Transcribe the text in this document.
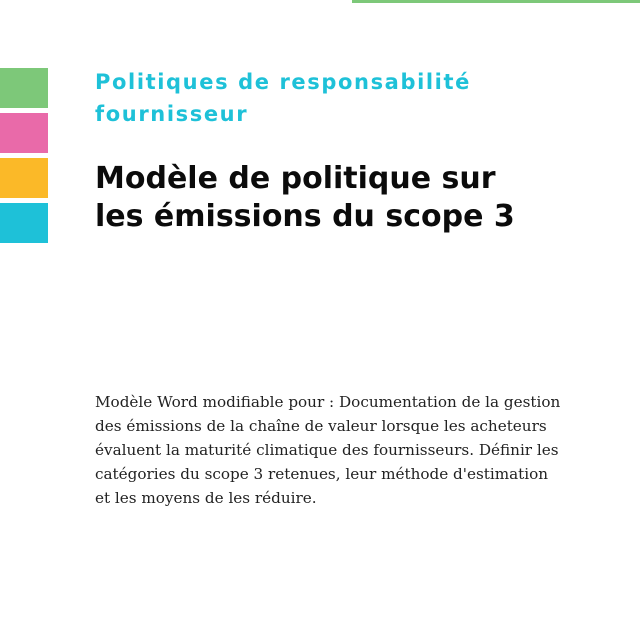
Politiques de responsabilité
fournisseur
Modèle de politique sur
les émissions du scope 3
Modèle Word modifiable pour : Documentation de la gestion des émissions de la chaîne de valeur lorsque les acheteurs évaluent la maturité climatique des fournisseurs. Définir les catégories du scope 3 retenues, leur méthode d'estimation et les moyens de les réduire.
